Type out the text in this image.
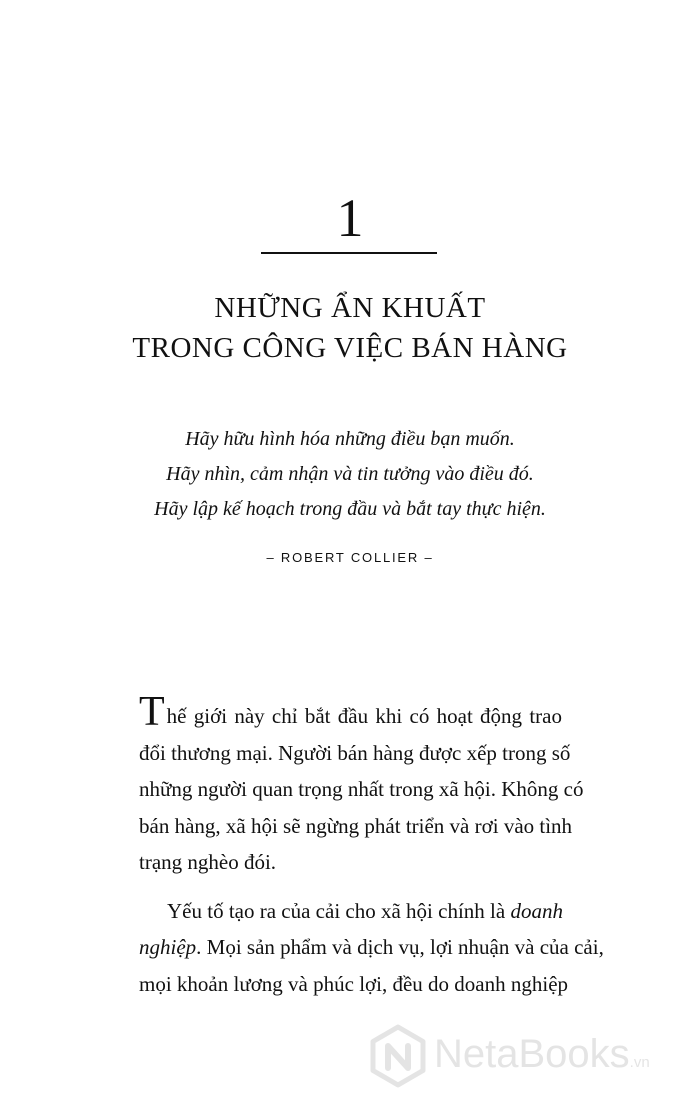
1
NHỮNG ẨN KHUẤT
TRONG CÔNG VIỆC BÁN HÀNG
Hãy hữu hình hóa những điều bạn muốn.
Hãy nhìn, cảm nhận và tin tưởng vào điều đó.
Hãy lập kế hoạch trong đầu và bắt tay thực hiện.
– ROBERT COLLIER –

Thế giới này chỉ bắt đầu khi có hoạt động trao
đổi thương mại. Người bán hàng được xếp trong số
những người quan trọng nhất trong xã hội. Không có
bán hàng, xã hội sẽ ngừng phát triển và rơi vào tình
trạng nghèo đói.

Yếu tố tạo ra của cải cho xã hội chính là doanh
nghiệp. Mọi sản phẩm và dịch vụ, lợi nhuận và của cải,
mọi khoản lương và phúc lợi, đều do doanh nghiệp

NetaBooks.vn
